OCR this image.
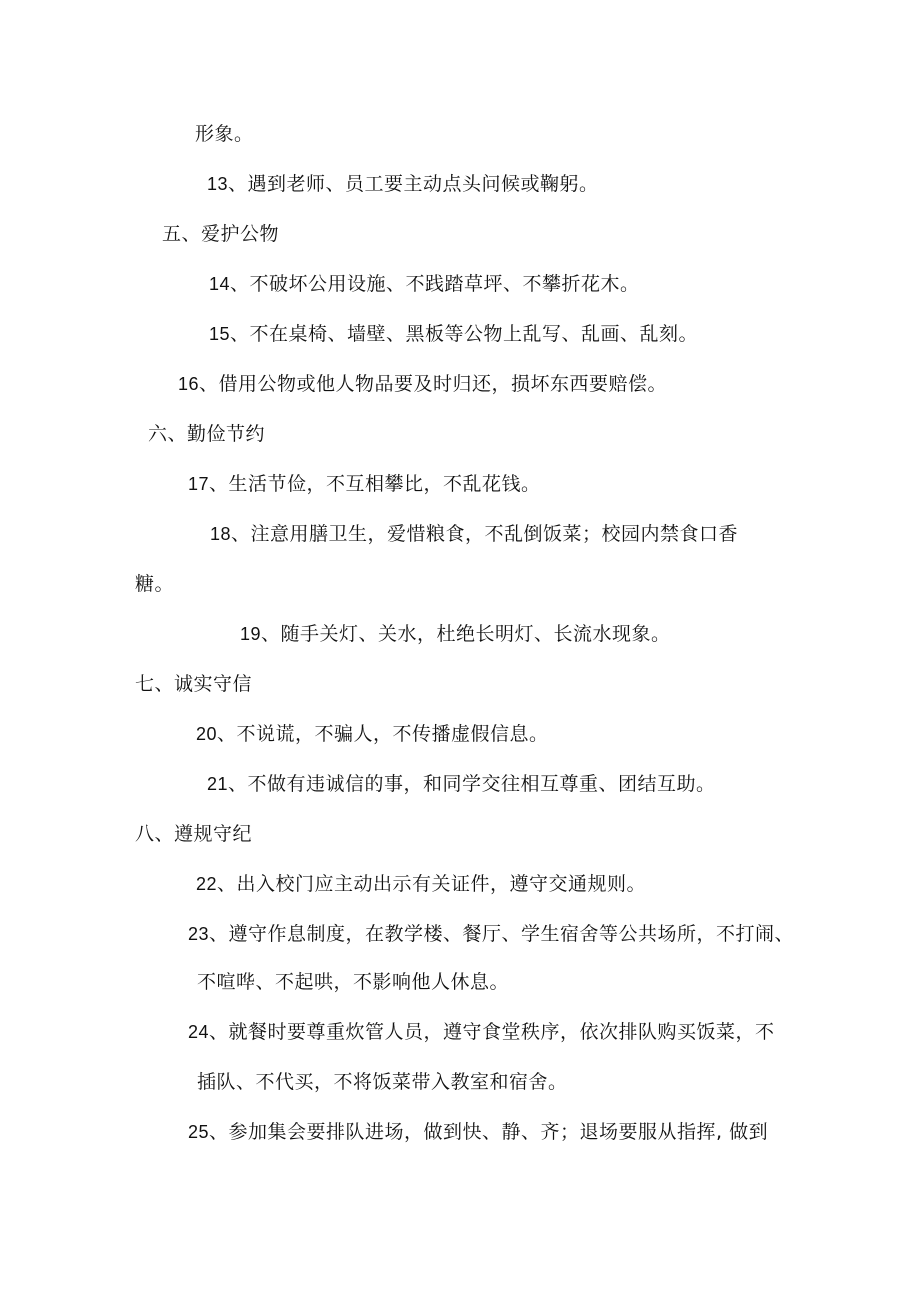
形象。
13、遇到老师、员工要主动点头问候或鞠躬。
五、爱护公物
14、不破坏公用设施、不践踏草坪、不攀折花木。
15、不在桌椅、墙壁、黑板等公物上乱写、乱画、乱刻。
16、借用公物或他人物品要及时归还，损坏东西要赔偿。
六、勤俭节约
17、生活节俭，不互相攀比，不乱花钱。
18、注意用膳卫生，爱惜粮食，不乱倒饭菜；校园内禁食口香
糖。
19、随手关灯、关水，杜绝长明灯、长流水现象。
七、诚实守信
20、不说谎，不骗人，不传播虚假信息。
21、不做有违诚信的事，和同学交往相互尊重、团结互助。
八、遵规守纪
22、出入校门应主动出示有关证件，遵守交通规则。
23、遵守作息制度，在教学楼、餐厅、学生宿舍等公共场所，不打闹、
不喧哗、不起哄，不影响他人休息。
24、就餐时要尊重炊管人员，遵守食堂秩序，依次排队购买饭菜，不
插队、不代买，不将饭菜带入教室和宿舍。
25、参加集会要排队进场，做到快、静、齐；退场要服从指挥, 做到
